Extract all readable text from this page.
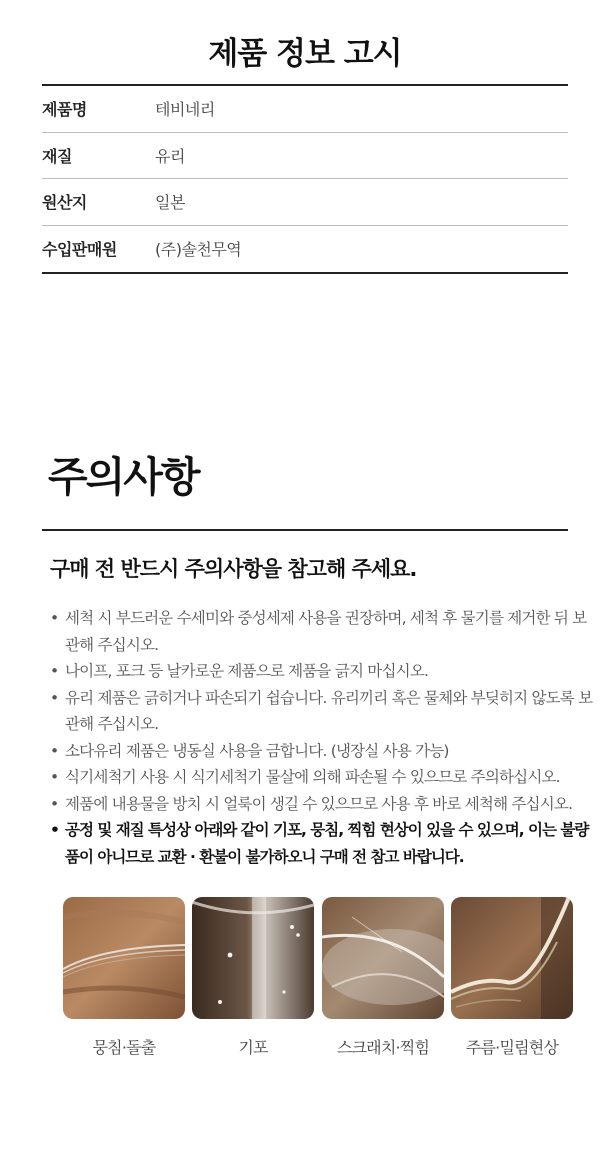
제품 정보 고시
제품명	테비네리
재질	유리
원산지	일본
수입판매원	(주)솔천무역
주의사항
구매 전 반드시 주의사항을 참고해 주세요.
• 세척 시 부드러운 수세미와 중성세제 사용을 권장하며, 세척 후 물기를 제거한 뒤 보관해 주십시오.
• 나이프, 포크 등 날카로운 제품으로 제품을 긁지 마십시오.
• 유리 제품은 긁히거나 파손되기 쉽습니다. 유리끼리 혹은 물체와 부딪히지 않도록 보관해 주십시오.
• 소다유리 제품은 냉동실 사용을 금합니다. (냉장실 사용 가능)
• 식기세척기 사용 시 식기세척기 물살에 의해 파손될 수 있으므로 주의하십시오.
• 제품에 내용물을 방치 시 얼룩이 생길 수 있으므로 사용 후 바로 세척해 주십시오.
• 공정 및 재질 특성상 아래와 같이 기포, 뭉침, 찍힘 현상이 있을 수 있으며, 이는 불량품이 아니므로 교환 · 환불이 불가하오니 구매 전 참고 바랍니다.
뭉침·돌출	기포	스크래치·찍힘	주름·밀림현상
